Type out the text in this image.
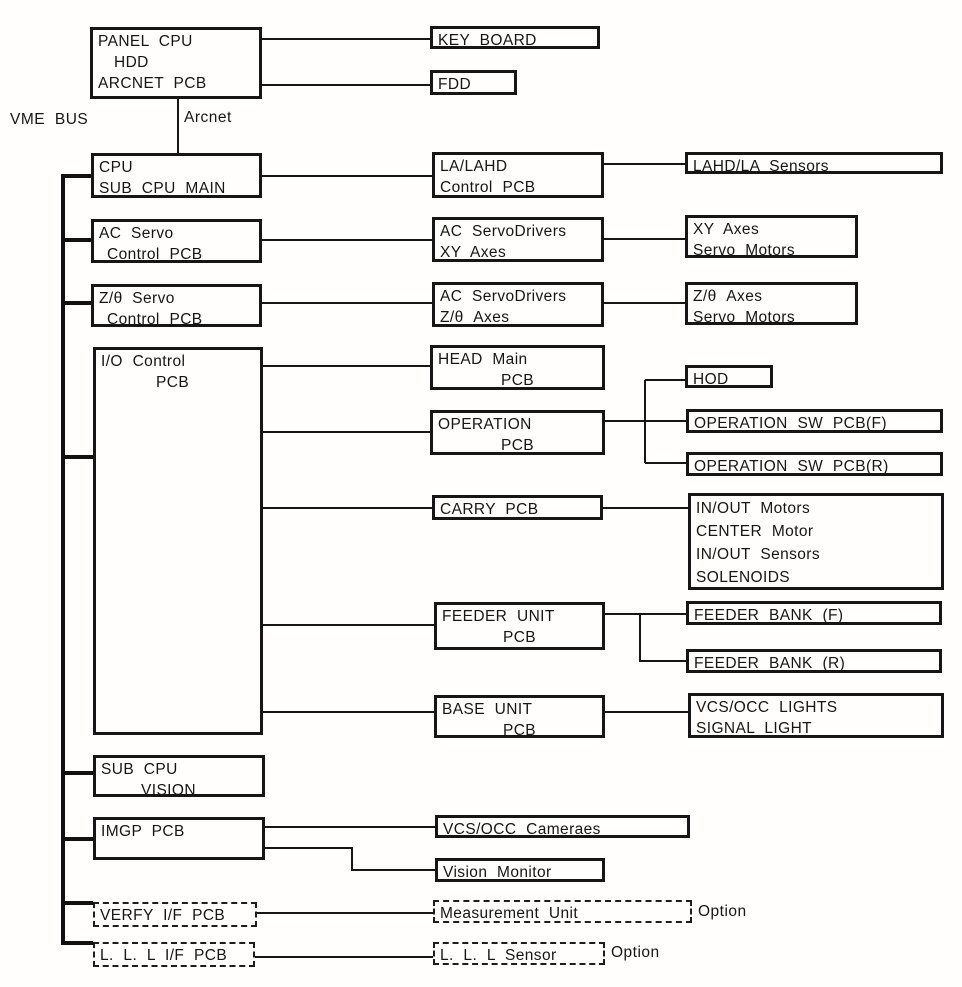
VME BUS	Arcnet
Option
Option
PANEL CPU
HDD
ARCNET PCB
CPU
SUB CPU MAIN
AC Servo
Control PCB
Z/θ Servo
Control PCB
I/O Control
PCB
SUB CPU
VISION
IMGP PCB
VERFY I/F PCB
L. L. L I/F PCB
KEY BOARD
FDD
LA/LAHD
Control PCB
AC ServoDrivers
XY Axes
AC ServoDrivers
Z/θ Axes
HEAD Main
PCB
OPERATION
PCB
CARRY PCB
FEEDER UNIT
PCB
BASE UNIT
PCB
VCS/OCC Cameraes
Vision Monitor
Measurement Unit
L. L. L Sensor
LAHD/LA Sensors
XY Axes
Servo Motors
Z/θ Axes
Servo Motors
HOD
OPERATION SW PCB(F)
OPERATION SW PCB(R)
IN/OUT Motors
CENTER Motor
IN/OUT Sensors
SOLENOIDS
FEEDER BANK (F)
FEEDER BANK (R)
VCS/OCC LIGHTS
SIGNAL LIGHT
